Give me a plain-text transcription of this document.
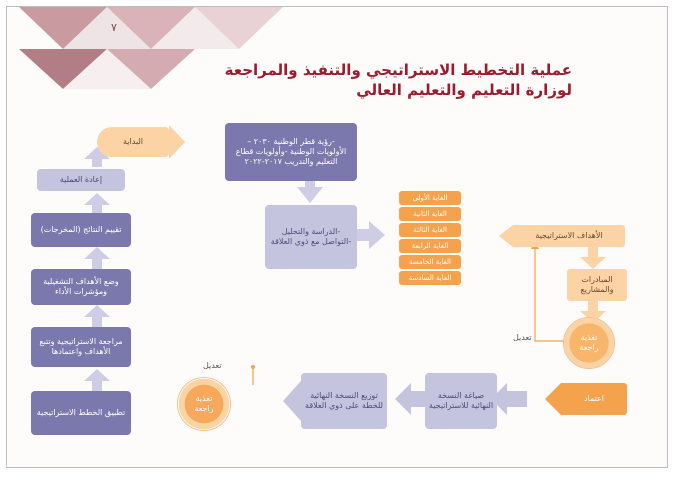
٧
عملية التخطيط الاستراتيجي والتنفيذ والمراجعة
لوزارة التعليم والتعليم العالي
البداية	-رؤية قطر الوطنية ٢٠٣٠ – الأولويات الوطنية -وأولويات قطاع التعليم والتدريب ٢٠١٧-٢٠٢٢
-الدراسة والتحليل -التواصل مع ذوي العلاقة
الغاية الأولى
الغاية الثانية
الغاية الثالثة
الغاية الرابعة
الغاية الخامسة
الغاية السادسة
الأهداف الاستراتيجية
المبادرات والمشاريع
تغذية راجعة
تعديل
اعتماد
صياغة النسخة النهائية للاستراتيجية
توزيع النسخة النهائية للخطة على ذوي العلاقة
تغذية راجعة
تعديل
تطبيق الخطط الاستراتيجية
مراجعة الاستراتيجية وتتبع الأهداف واعتمادها
وضع الأهداف التشغيلية ومؤشرات الأداء
تقييم النتائج (المخرجات)
إعادة العملية
